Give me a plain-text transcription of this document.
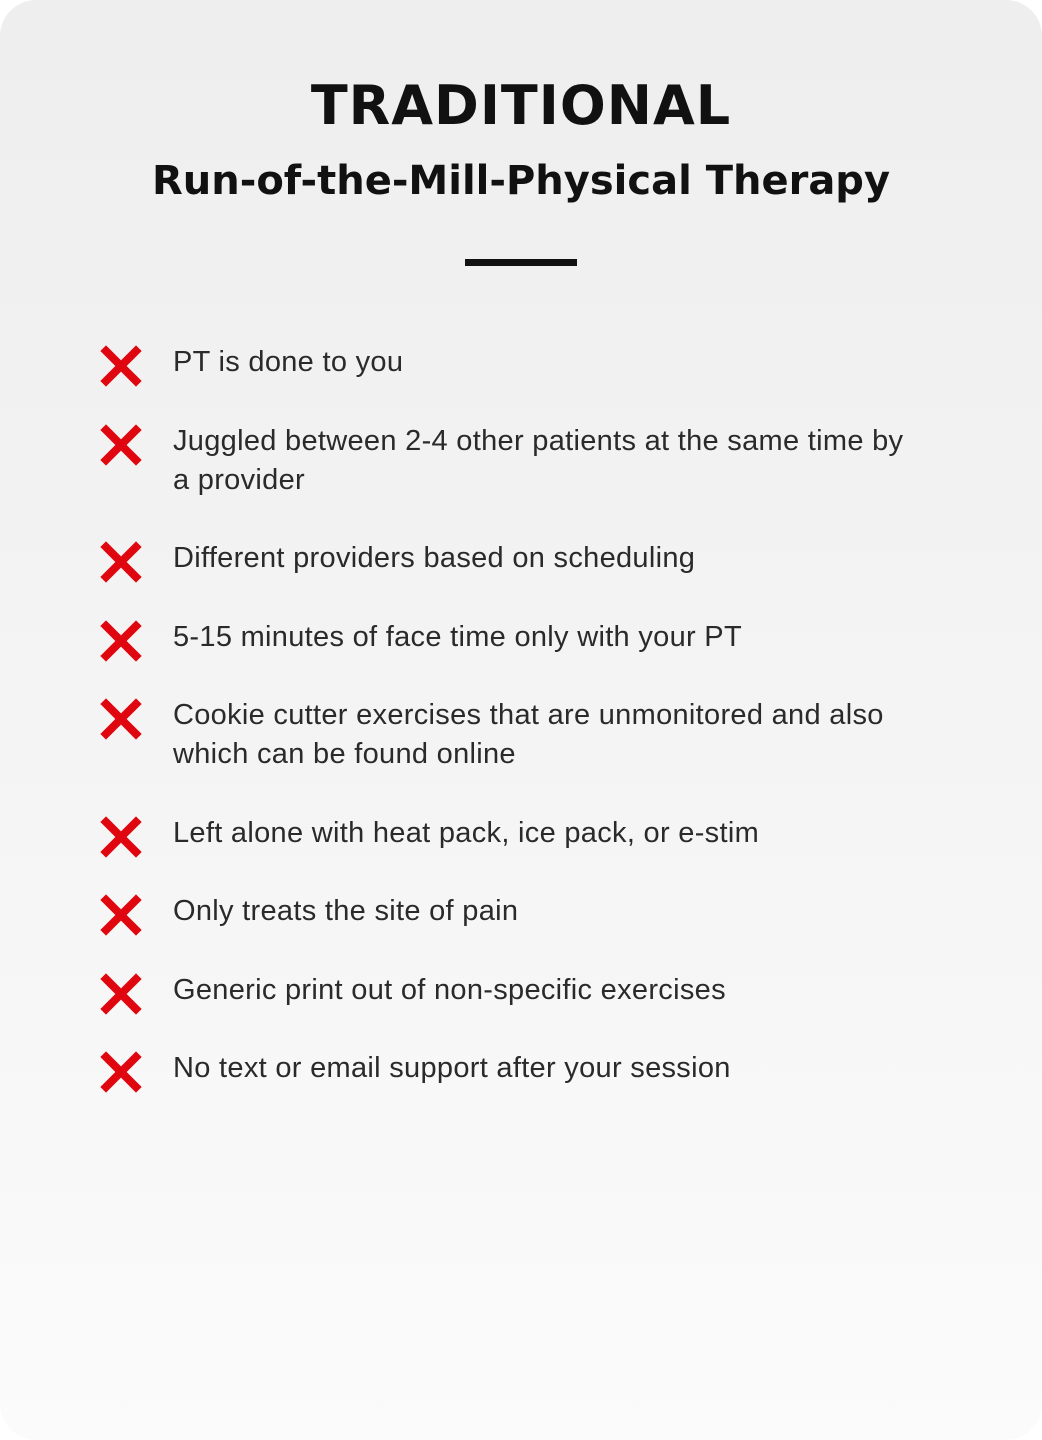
TRADITIONAL
Run-of-the-Mill-Physical Therapy
PT is done to you
Juggled between 2-4 other patients at the same time by a provider
Different providers based on scheduling
5-15 minutes of face time only with your PT
Cookie cutter exercises that are unmonitored and also which can be found online
Left alone with heat pack, ice pack, or e-stim
Only treats the site of pain
Generic print out of non-specific exercises
No text or email support after your session
